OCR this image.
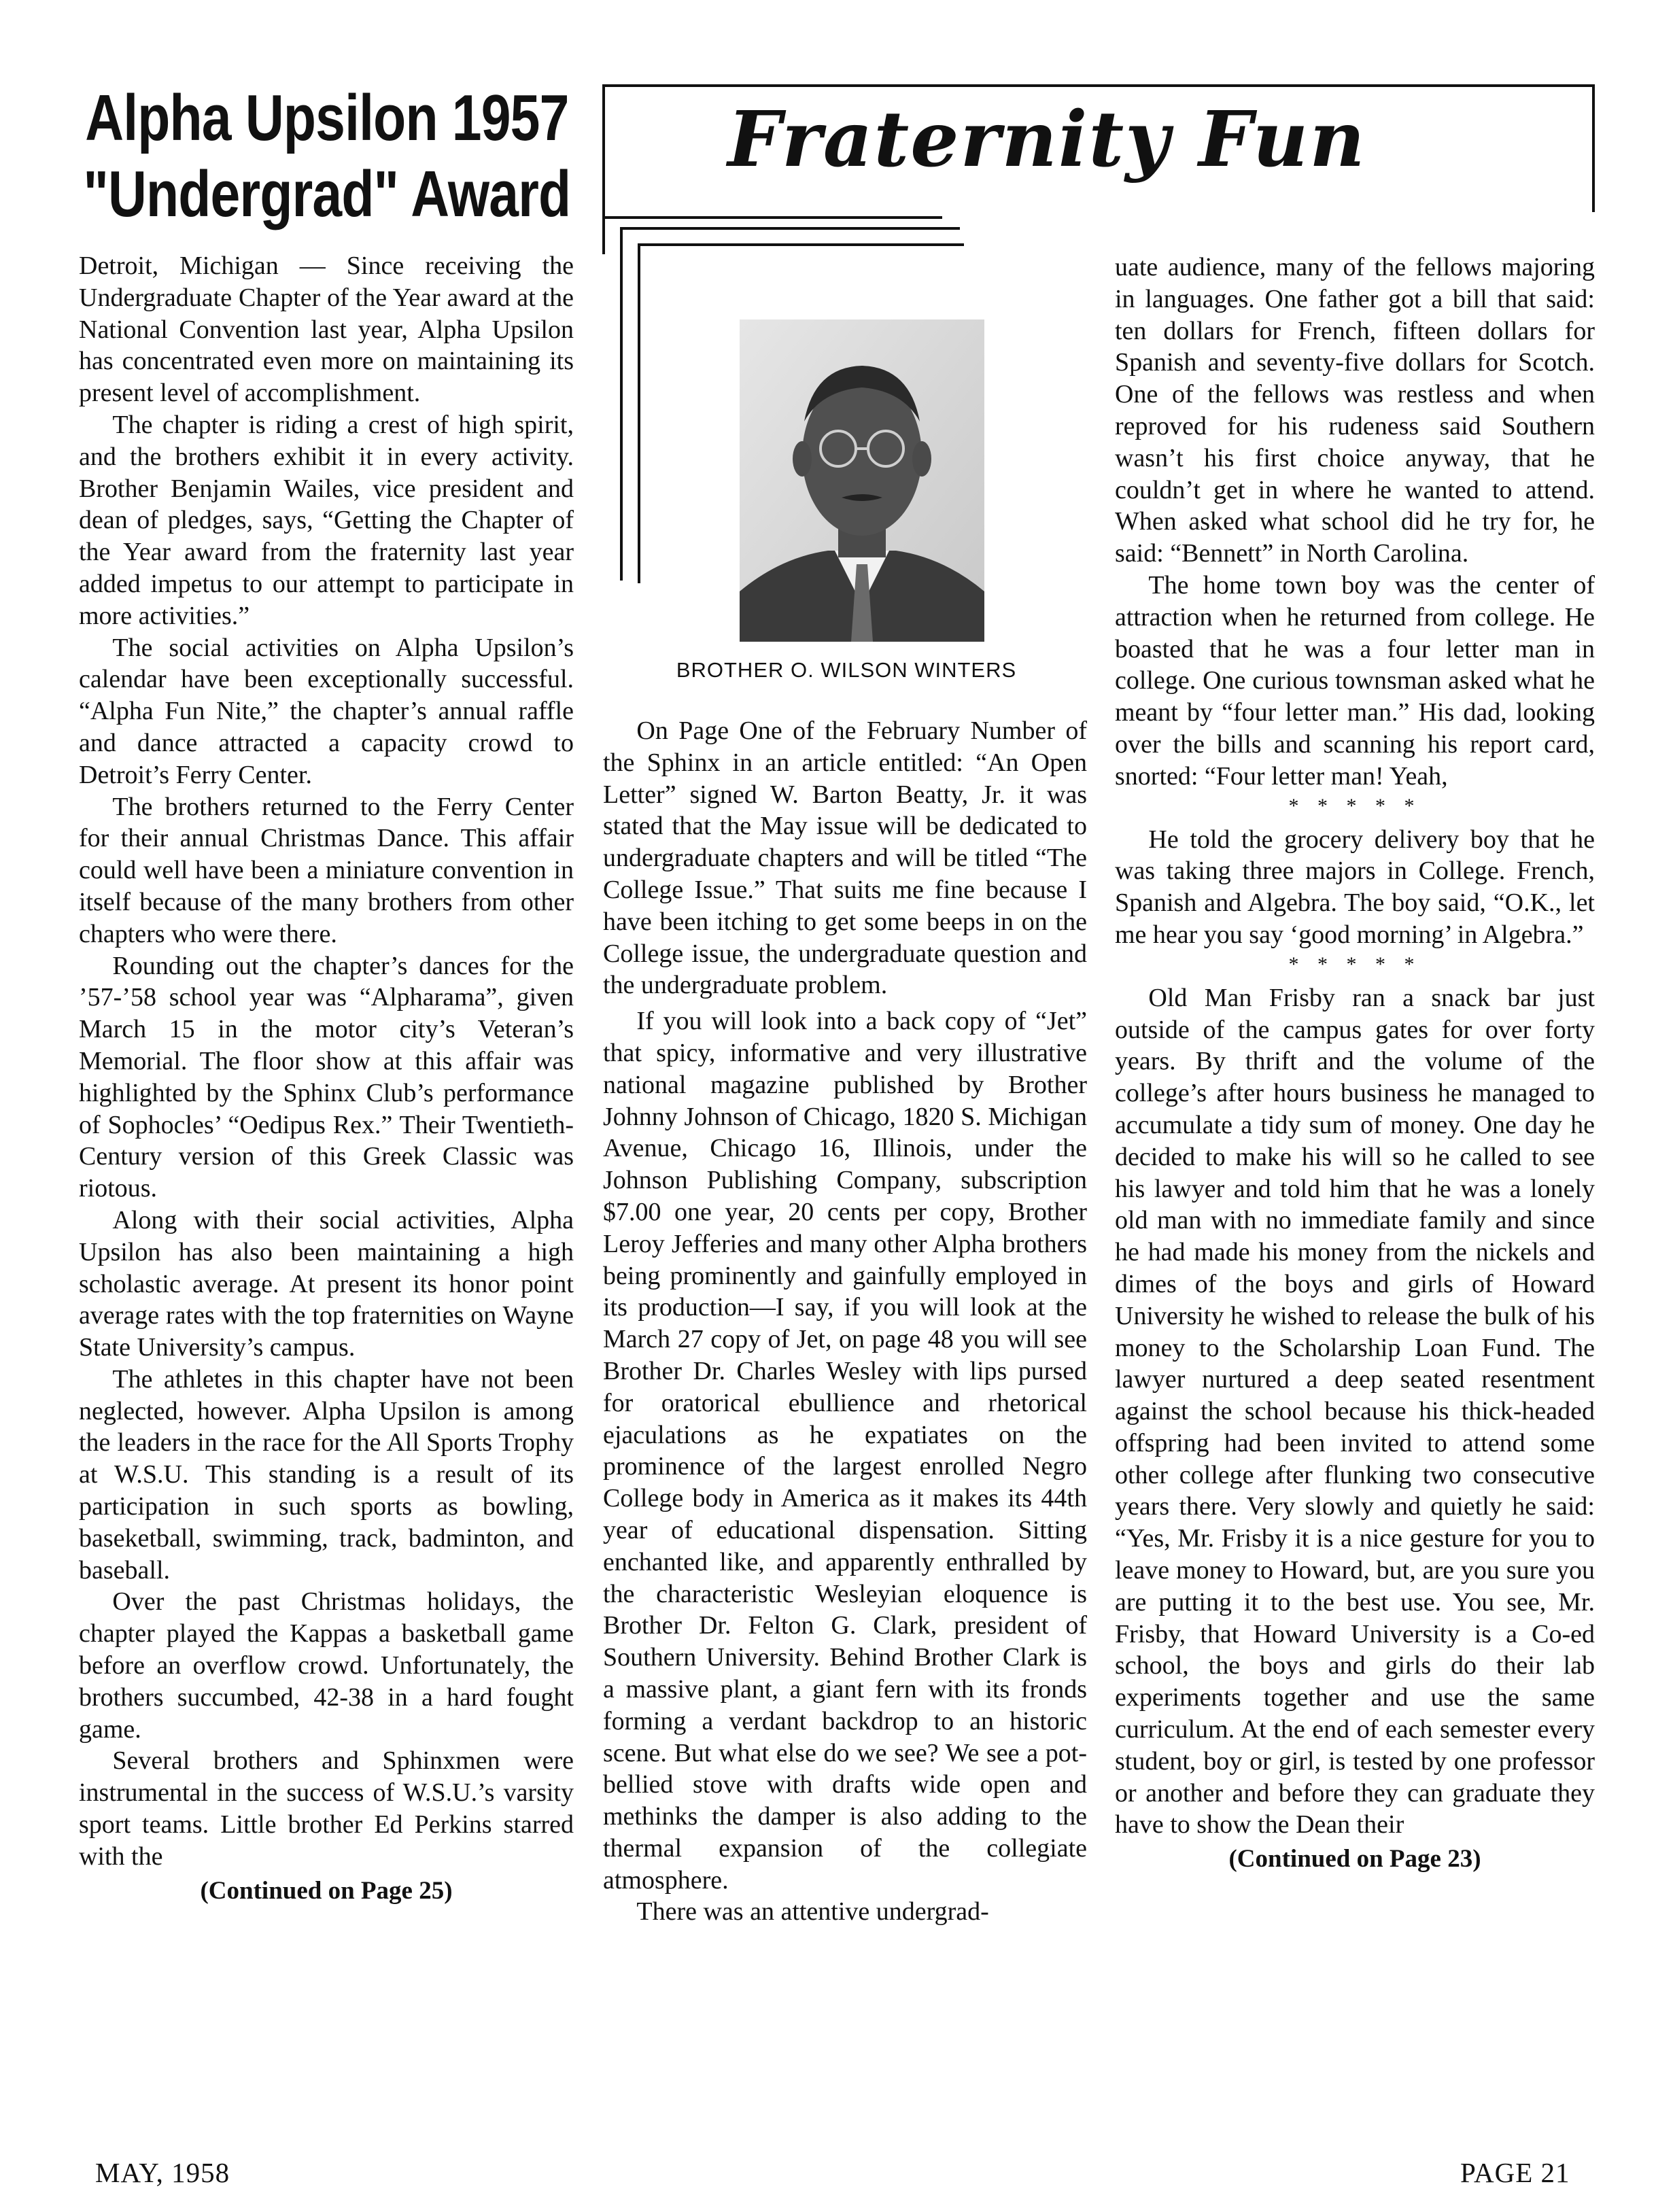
Alpha Upsilon 1957
"Undergrad" Award

Detroit, Michigan — Since receiving the Undergraduate Chapter of the Year award at the National Convention last year, Alpha Upsilon has concentrated even more on maintaining its present level of accomplishment.

The chapter is riding a crest of high spirit, and the brothers exhibit it in every activity. Brother Benjamin Wailes, vice president and dean of pledges, says, “Getting the Chapter of the Year award from the fraternity last year added impetus to our attempt to participate in more activities.”

The social activities on Alpha Upsilon’s calendar have been exceptionally successful. “Alpha Fun Nite,” the chapter’s annual raffle and dance attracted a capacity crowd to Detroit’s Ferry Center.

The brothers returned to the Ferry Center for their annual Christmas Dance. This affair could well have been a miniature convention in itself because of the many brothers from other chapters who were there.

Rounding out the chapter’s dances for the ’57-’58 school year was “Alpharama”, given March 15 in the motor city’s Veteran’s Memorial. The floor show at this affair was highlighted by the Sphinx Club’s performance of Sophocles’ “Oedipus Rex.” Their Twentieth-Century version of this Greek Classic was riotous.

Along with their social activities, Alpha Upsilon has also been maintaining a high scholastic average. At present its honor point average rates with the top fraternities on Wayne State University’s campus.

The athletes in this chapter have not been neglected, however. Alpha Upsilon is among the leaders in the race for the All Sports Trophy at W.S.U. This standing is a result of its participation in such sports as bowling, baseketball, swimming, track, badminton, and baseball.

Over the past Christmas holidays, the chapter played the Kappas a basketball game before an overflow crowd. Unfortunately, the brothers succumbed, 42-38 in a hard fought game.

Several brothers and Sphinxmen were instrumental in the success of W.S.U.’s varsity sport teams. Little brother Ed Perkins starred with the

(Continued on Page 25)

Fraternity Fun
BROTHER O. WILSON WINTERS

On Page One of the February Number of the Sphinx in an article entitled: “An Open Letter” signed W. Barton Beatty, Jr. it was stated that the May issue will be dedicated to undergraduate chapters and will be titled “The College Issue.” That suits me fine because I have been itching to get some beeps in on the College issue, the undergraduate question and the undergraduate problem.

If you will look into a back copy of “Jet” that spicy, informative and very illustrative national magazine published by Brother Johnny Johnson of Chicago, 1820 S. Michigan Avenue, Chicago 16, Illinois, under the Johnson Publishing Company, subscription $7.00 one year, 20 cents per copy, Brother Leroy Jefferies and many other Alpha brothers being prominently and gainfully employed in its production—I say, if you will look at the March 27 copy of Jet, on page 48 you will see Brother Dr. Charles Wesley with lips pursed for oratorical ebullience and rhetorical ejaculations as he expatiates on the prominence of the largest enrolled Negro College body in America as it makes its 44th year of educational dispensation. Sitting enchanted like, and apparently enthralled by the characteristic Wesleyian eloquence is Brother Dr. Felton G. Clark, president of Southern University. Behind Brother Clark is a massive plant, a giant fern with its fronds forming a verdant backdrop to an historic scene. But what else do we see? We see a pot-bellied stove with drafts wide open and methinks the damper is also adding to the thermal expansion of the collegiate atmosphere.

There was an attentive undergrad-

uate audience, many of the fellows majoring in languages. One father got a bill that said: ten dollars for French, fifteen dollars for Spanish and seventy-five dollars for Scotch. One of the fellows was restless and when reproved for his rudeness said Southern wasn’t his first choice anyway, that he couldn’t get in where he wanted to attend. When asked what school did he try for, he said: “Bennett” in North Carolina.

The home town boy was the center of attraction when he returned from college. He boasted that he was a four letter man in college. One curious townsman asked what he meant by “four letter man.” His dad, looking over the bills and scanning his report card, snorted: “Four letter man! Yeah,

* * * * *

He told the grocery delivery boy that he was taking three majors in College. French, Spanish and Algebra. The boy said, “O.K., let me hear you say ‘good morning’ in Algebra.”

* * * * *

Old Man Frisby ran a snack bar just outside of the campus gates for over forty years. By thrift and the volume of the college’s after hours business he managed to accumulate a tidy sum of money. One day he decided to make his will so he called to see his lawyer and told him that he was a lonely old man with no immediate family and since he had made his money from the nickels and dimes of the boys and girls of Howard University he wished to release the bulk of his money to the Scholarship Loan Fund. The lawyer nurtured a deep seated resentment against the school because his thick-headed offspring had been invited to attend some other college after flunking two consecutive years there. Very slowly and quietly he said: “Yes, Mr. Frisby it is a nice gesture for you to leave money to Howard, but, are you sure you are putting it to the best use. You see, Mr. Frisby, that Howard University is a Co-ed school, the boys and girls do their lab experiments together and use the same curriculum. At the end of each semester every student, boy or girl, is tested by one professor or another and before they can graduate they have to show the Dean their

(Continued on Page 23)

MAY, 1958	PAGE 21
